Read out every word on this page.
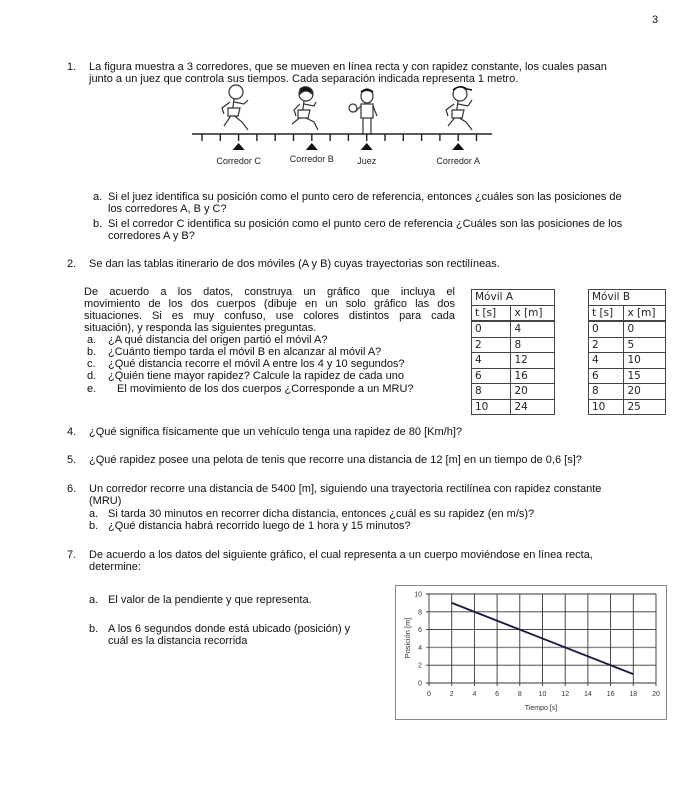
3
1. La figura muestra a 3 corredores, que se mueven en línea recta y con rapidez constante, los cuales pasan
junto a un juez que controla sus tiempos. Cada separación indicada representa 1 metro.
Corredor C	Corredor B	Juez	Corredor A
a. Si el juez identifica su posición como el punto cero de referencia, entonces ¿cuáles son las posiciones de
los corredores A, B y C?
b. Si el corredor C identifica su posición como el punto cero de referencia ¿Cuáles son las posiciones de los
corredores A y B?
2. Se dan las tablas itinerario de dos móviles (A y B) cuyas trayectorias son rectilíneas.
De acuerdo a los datos, construya un gráfico que incluya el
movimiento de los dos cuerpos (dibuje en un solo gráfico las dos
situaciones. Si es muy confuso, use colores distintos para cada
situación), y responda las siguientes preguntas.
a. ¿A qué distancia del origen partió el móvil A?
b. ¿Cuánto tiempo tarda el móvil B en alcanzar al móvil A?
c. ¿Qué distancia recorre el móvil A entre los 4 y 10 segundos?
d. ¿Quién tiene mayor rapidez? Calcule la rapidez de cada uno
e. El movimiento de los dos cuerpos ¿Corresponde a un MRU?
Móvil A	
t [s]	x [m]
0	4
2	8
4	12
6	16
8	20
10	24
Móvil B	
t [s]	x [m]
0	0
2	5
4	10
6	15
8	20
10	25
4. ¿Qué significa físicamente que un vehículo tenga una rapidez de 80 [Km/h]?
5. ¿Qué rapidez posee una pelota de tenis que recorre una distancia de 12 [m] en un tiempo de 0,6 [s]?
6. Un corredor recorre una distancia de 5400 [m], siguiendo una trayectoria rectilínea con rapidez constante
(MRU)
a. Si tarda 30 minutos en recorrer dicha distancia, entonces ¿cuál es su rapidez (en m/s)?
b. ¿Qué distancia habrá recorrido luego de 1 hora y 15 minutos?
7. De acuerdo a los datos del siguiente gráfico, el cual representa a un cuerpo moviéndose en línea recta,
determine:
a. El valor de la pendiente y que representa.
b. A los 6 segundos donde está ubicado (posición) y
cuál es la distancia recorrida
0	2	4	6	8 10 12 14 16 18 20
0
2
4
6
8
10
Tiempo [s]
Posición [m]
